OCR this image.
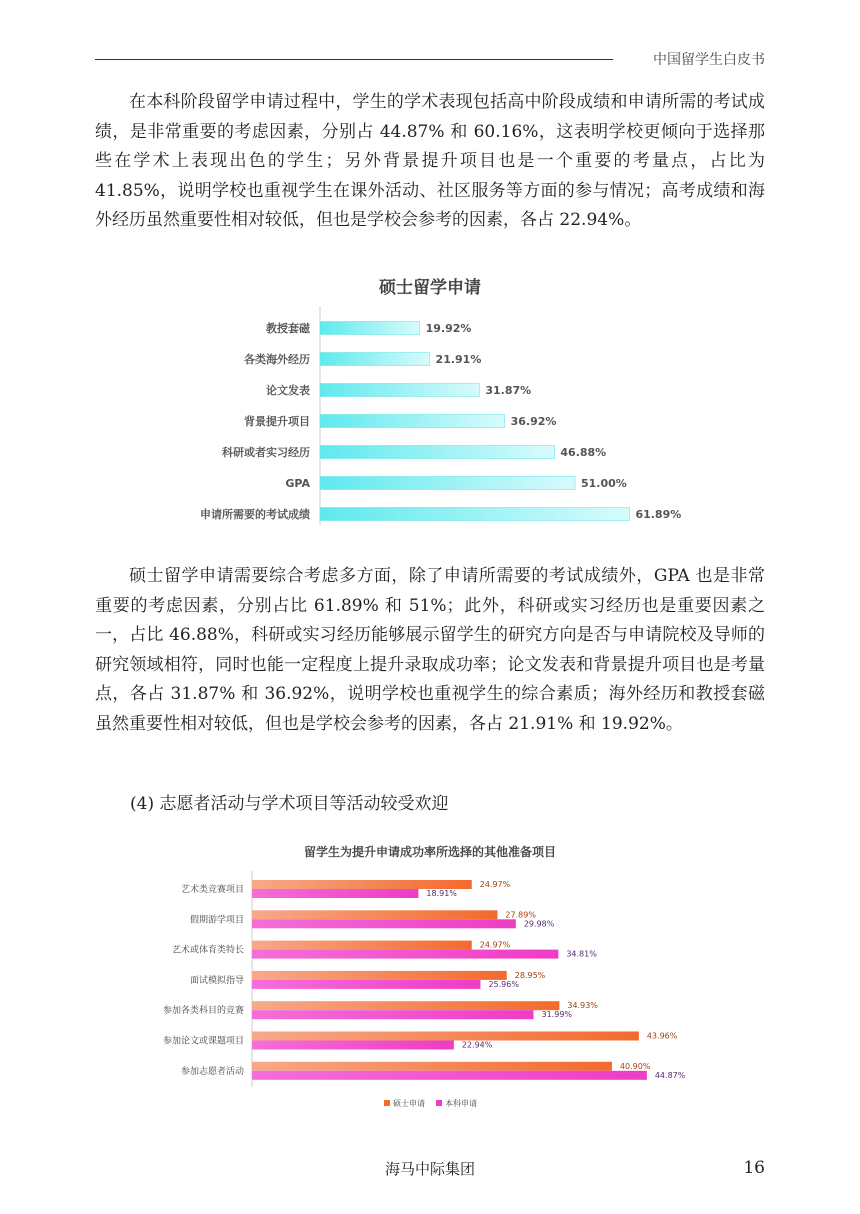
中国留学生白皮书

在本科阶段留学申请过程中，学生的学术表现包括高中阶段成绩和申请所需的考试成绩，是非常重要的考虑因素，分别占 44.87% 和 60.16%，这表明学校更倾向于选择那些在学术上表现出色的学生；另外背景提升项目也是一个重要的考量点，占比为 41.85%，说明学校也重视学生在课外活动、社区服务等方面的参与情况；高考成绩和海外经历虽然重要性相对较低，但也是学校会参考的因素，各占 22.94%。

硕士留学申请
教授套磁	19.92%
各类海外经历	21.91%
论文发表	31.87%
背景提升项目	36.92%
科研或者实习经历	46.88%
GPA	51.00%
申请所需要的考试成绩	61.89%

硕士留学申请需要综合考虑多方面，除了申请所需要的考试成绩外，GPA 也是非常重要的考虑因素，分别占比 61.89% 和 51%；此外，科研或实习经历也是重要因素之一，占比 46.88%，科研或实习经历能够展示留学生的研究方向是否与申请院校及导师的研究领域相符，同时也能一定程度上提升录取成功率；论文发表和背景提升项目也是考量点，各占 31.87% 和 36.92%，说明学校也重视学生的综合素质；海外经历和教授套磁虽然重要性相对较低，但也是学校会参考的因素，各占 21.91% 和 19.92%。

(4) 志愿者活动与学术项目等活动较受欢迎

留学生为提升申请成功率所选择的其他准备项目
艺术类竞赛项目
24.97%
18.91%
假期游学项目
27.89%
29.98%
艺术或体育类特长
24.97%
34.81%
面试模拟指导
28.95%
25.96%
参加各类科目的竞赛
34.93%
31.99%
参加论文或课题项目
43.96%
22.94%
参加志愿者活动
40.90%
44.87%
硕士申请	本科申请
海马中际集团	16
